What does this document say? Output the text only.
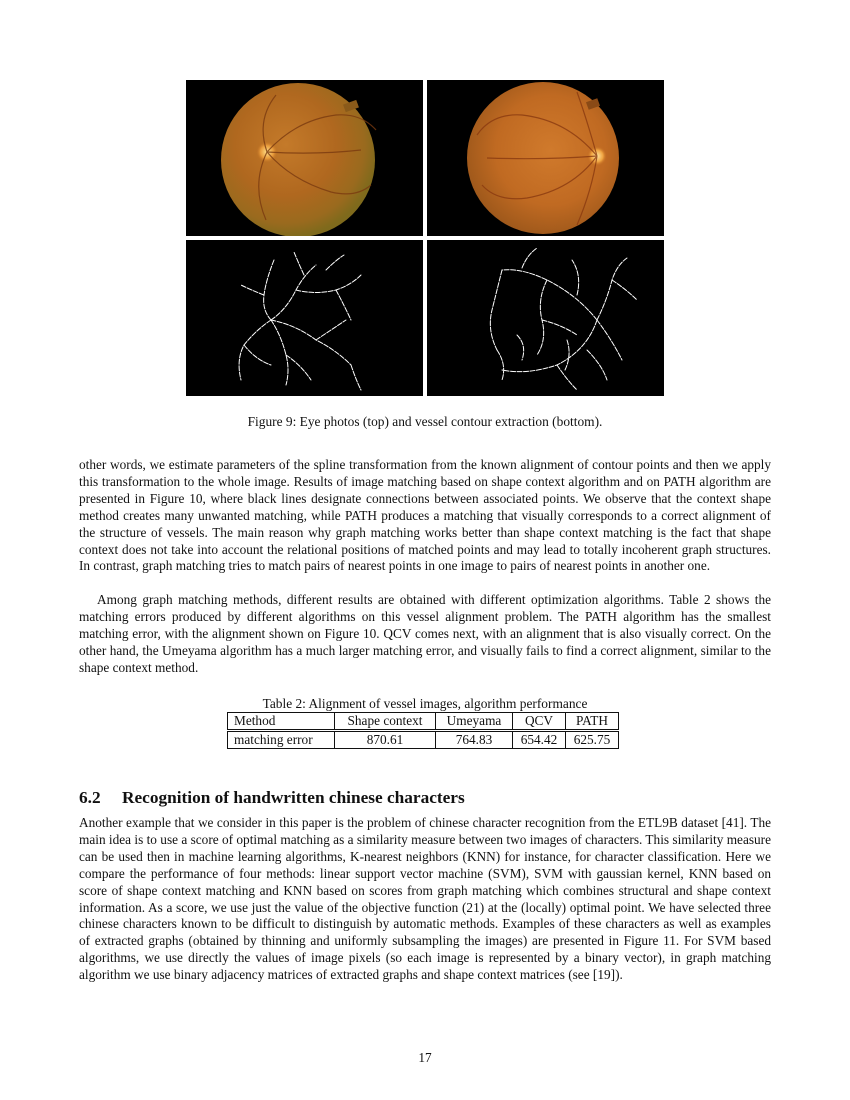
Figure 9: Eye photos (top) and vessel contour extraction (bottom).

other words, we estimate parameters of the spline transformation from the known alignment of contour points and then we apply this transformation to the whole image. Results of image matching based on shape context algorithm and on PATH algorithm are presented in Figure 10, where black lines designate connections between associated points. We observe that the context shape method creates many unwanted matching, while PATH produces a matching that visually corresponds to a correct alignment of the structure of vessels. The main reason why graph matching works better than shape context matching is the fact that shape context does not take into account the relational positions of matched points and may lead to totally incoherent graph structures. In contrast, graph matching tries to match pairs of nearest points in one image to pairs of nearest points in another one.

Among graph matching methods, different results are obtained with different optimization algorithms. Table 2 shows the matching errors produced by different algorithms on this vessel alignment problem. The PATH algorithm has the smallest matching error, with the alignment shown on Figure 10. QCV comes next, with an alignment that is also visually correct. On the other hand, the Umeyama algorithm has a much larger matching error, and visually fails to find a correct alignment, similar to the shape context method.

Table 2: Alignment of vessel images, algorithm performance
Method	Shape context	Umeyama	QCV	PATH
matching error	870.61	764.83	654.42	625.75
6.2 Recognition of handwritten chinese characters

Another example that we consider in this paper is the problem of chinese character recognition from the ETL9B dataset [41]. The main idea is to use a score of optimal matching as a similarity measure between two images of characters. This similarity measure can be used then in machine learning algorithms, K-nearest neighbors (KNN) for instance, for character classification. Here we compare the performance of four methods: linear support vector machine (SVM), SVM with gaussian kernel, KNN based on score of shape context matching and KNN based on scores from graph matching which combines structural and shape context information. As a score, we use just the value of the objective function (21) at the (locally) optimal point. We have selected three chinese characters known to be difficult to distinguish by automatic methods. Examples of these characters as well as examples of extracted graphs (obtained by thinning and uniformly subsampling the images) are presented in Figure 11. For SVM based algorithms, we use directly the values of image pixels (so each image is represented by a binary vector), in graph matching algorithm we use binary adjacency matrices of extracted graphs and shape context matrices (see [19]).

17
